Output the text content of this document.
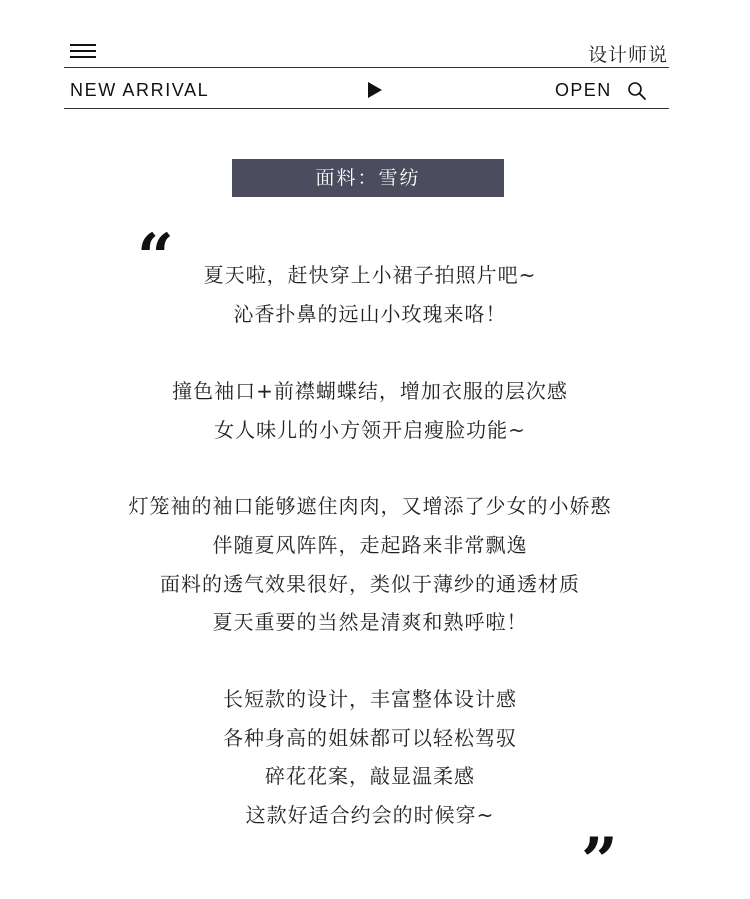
设计师说
NEW ARRIVAL	OPEN
面料：雪纺
“	夏天啦，赶快穿上小裙子拍照片吧~
沁香扑鼻的远山小玫瑰来咯！
撞色袖口+前襟蝴蝶结，增加衣服的层次感
女人味儿的小方领开启瘦脸功能~
灯笼袖的袖口能够遮住肉肉，又增添了少女的小娇憨
伴随夏风阵阵，走起路来非常飘逸
面料的透气效果很好，类似于薄纱的通透材质
夏天重要的当然是清爽和熟呼啦！
长短款的设计，丰富整体设计感
各种身高的姐妹都可以轻松驾驭
碎花花案，敲显温柔感
这款好适合约会的时候穿~
”
